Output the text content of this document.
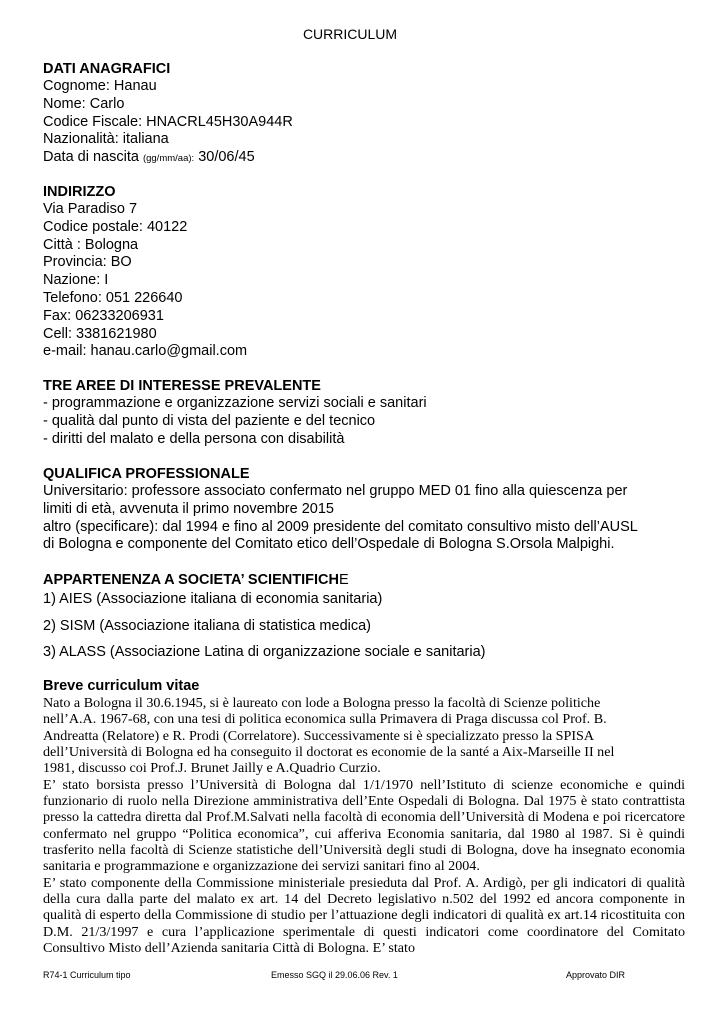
CURRICULUM
DATI ANAGRAFICI
Cognome: Hanau
Nome: Carlo
Codice Fiscale: HNACRL45H30A944R
Nazionalità: italiana
Data di nascita (gg/mm/aa): 30/06/45
INDIRIZZO
Via Paradiso 7
Codice postale: 40122
Città : Bologna
Provincia: BO
Nazione: I
Telefono: 051 226640
Fax: 06233206931
Cell: 3381621980
e-mail: hanau.carlo@gmail.com
TRE AREE DI INTERESSE PREVALENTE
- programmazione e organizzazione servizi sociali e sanitari
- qualità dal punto di vista del paziente e del tecnico
- diritti del malato e della persona con disabilità
QUALIFICA PROFESSIONALE
Universitario: professore associato confermato nel gruppo MED 01 fino alla quiescenza per limiti di età, avvenuta il primo novembre 2015
altro (specificare): dal 1994 e fino al 2009 presidente del comitato consultivo misto dell’AUSL di Bologna e componente del Comitato etico dell’Ospedale di Bologna S.Orsola Malpighi.
APPARTENENZA A SOCIETA’ SCIENTIFICHE
1) AIES (Associazione italiana di economia sanitaria)
2) SISM (Associazione italiana di statistica medica)
3) ALASS (Associazione Latina di organizzazione sociale e sanitaria)
Breve curriculum vitae

Nato a Bologna il 30.6.1945, si è laureato con lode a Bologna presso la facoltà di Scienze politiche nell’A.A. 1967-68, con una tesi di politica economica sulla Primavera di Praga discussa col Prof. B. Andreatta (Relatore) e R. Prodi (Correlatore). Successivamente si è specializzato presso la SPISA dell’Università di Bologna ed ha conseguito il doctorat es economie de la santé a Aix-Marseille II nel 1981, discusso coi Prof.J. Brunet Jailly e A.Quadrio Curzio.

E’ stato borsista presso l’Università di Bologna dal 1/1/1970 nell’Istituto di scienze economiche e quindi funzionario di ruolo nella Direzione amministrativa dell’Ente Ospedali di Bologna. Dal 1975 è stato contrattista presso la cattedra diretta dal Prof.M.Salvati nella facoltà di economia dell’Università di Modena e poi ricercatore confermato nel gruppo “Politica economica”, cui afferiva Economia sanitaria, dal 1980 al 1987. Si è quindi trasferito nella facoltà di Scienze statistiche dell’Università degli studi di Bologna, dove ha insegnato economia sanitaria e programmazione e organizzazione dei servizi sanitari fino al 2004.

E’ stato componente della Commissione ministeriale presieduta dal Prof. A. Ardigò, per gli indicatori di qualità della cura dalla parte del malato ex art. 14 del Decreto legislativo n.502 del 1992 ed ancora componente in qualità di esperto della Commissione di studio per l’attuazione degli indicatori di qualità ex art.14 ricostituita con D.M. 21/3/1997 e cura l’applicazione sperimentale di questi indicatori come coordinatore del Comitato Consultivo Misto dell’Azienda sanitaria Città di Bologna. E’ stato

R74-1 Curriculum tipo	Emesso SGQ il 29.06.06 Rev. 1	Approvato DIR
